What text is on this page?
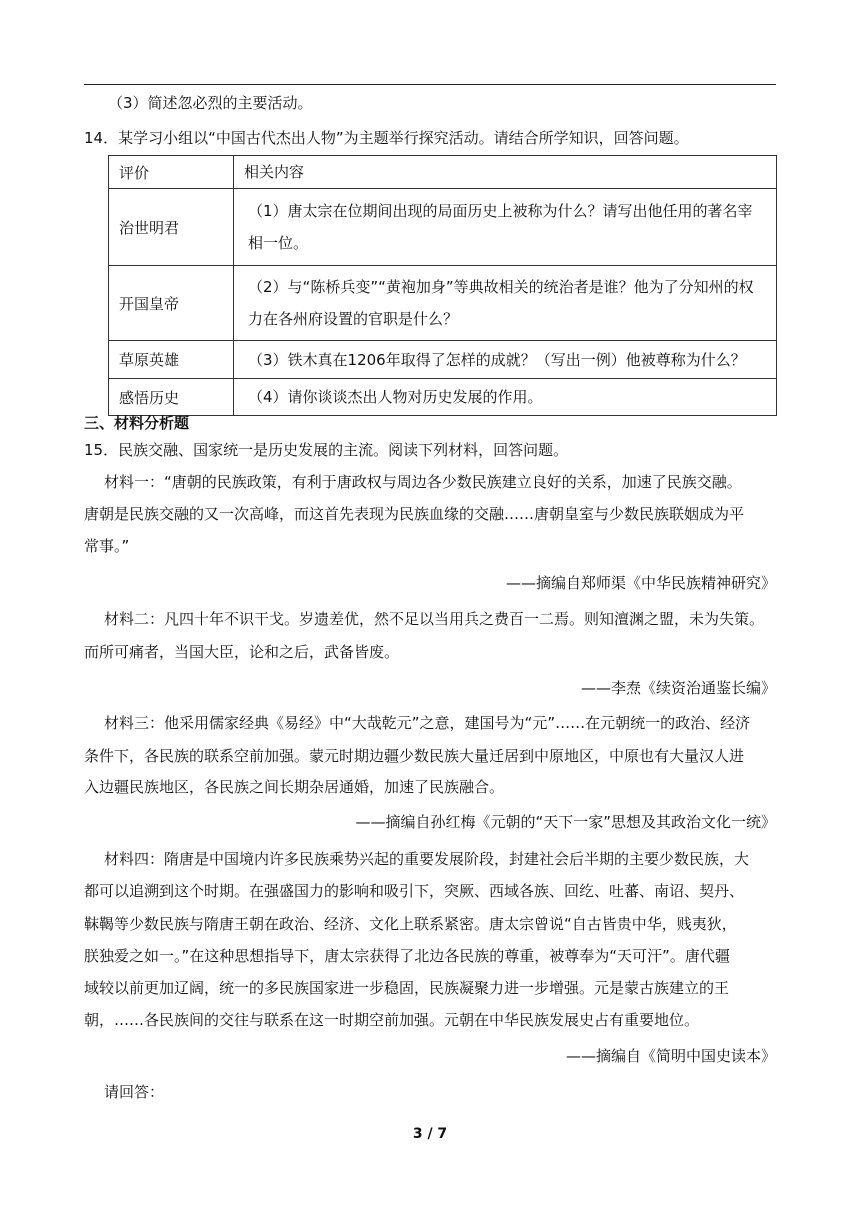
（3）简述忽必烈的主要活动。
14．某学习小组以“中国古代杰出人物”为主题举行探究活动。请结合所学知识，回答问题。
评价	相关内容
治世明君	（1）唐太宗在位期间出现的局面历史上被称为什么？请写出他任用的著名宰
相一位。

开国皇帝	（2）与“陈桥兵变”“黄袍加身”等典故相关的统治者是谁？他为了分知州的权
力在各州府设置的官职是什么？

草原英雄	（3）铁木真在1206年取得了怎样的成就？（写出一例）他被尊称为什么？

感悟历史	（4）请你谈谈杰出人物对历史发展的作用。
三、材料分析题
15．民族交融、国家统一是历史发展的主流。阅读下列材料，回答问题。
材料一：“唐朝的民族政策，有利于唐政权与周边各少数民族建立良好的关系，加速了民族交融。
唐朝是民族交融的又一次高峰，而这首先表现为民族血缘的交融……唐朝皇室与少数民族联姻成为平
常事。”
——摘编自郑师渠《中华民族精神研究》
材料二：凡四十年不识干戈。岁遗差优，然不足以当用兵之费百一二焉。则知澶渊之盟，未为失策。
而所可痛者，当国大臣，论和之后，武备皆废。
——李焘《续资治通鉴长编》
材料三：他采用儒家经典《易经》中“大哉乾元”之意，建国号为“元”……在元朝统一的政治、经济
条件下，各民族的联系空前加强。蒙元时期边疆少数民族大量迁居到中原地区，中原也有大量汉人进
入边疆民族地区，各民族之间长期杂居通婚，加速了民族融合。
——摘编自孙红梅《元朝的“天下一家”思想及其政治文化一统》
材料四：隋唐是中国境内许多民族乘势兴起的重要发展阶段，封建社会后半期的主要少数民族，大
都可以追溯到这个时期。在强盛国力的影响和吸引下，突厥、西域各族、回纥、吐蕃、南诏、契丹、
靺鞨等少数民族与隋唐王朝在政治、经济、文化上联系紧密。唐太宗曾说“自古皆贵中华，贱夷狄，
朕独爱之如一。”在这种思想指导下，唐太宗获得了北边各民族的尊重，被尊奉为“天可汗”。唐代疆
域较以前更加辽阔，统一的多民族国家进一步稳固，民族凝聚力进一步增强。元是蒙古族建立的王
朝，……各民族间的交往与联系在这一时期空前加强。元朝在中华民族发展史占有重要地位。
——摘编自《简明中国史读本》
请回答：
3 / 7
